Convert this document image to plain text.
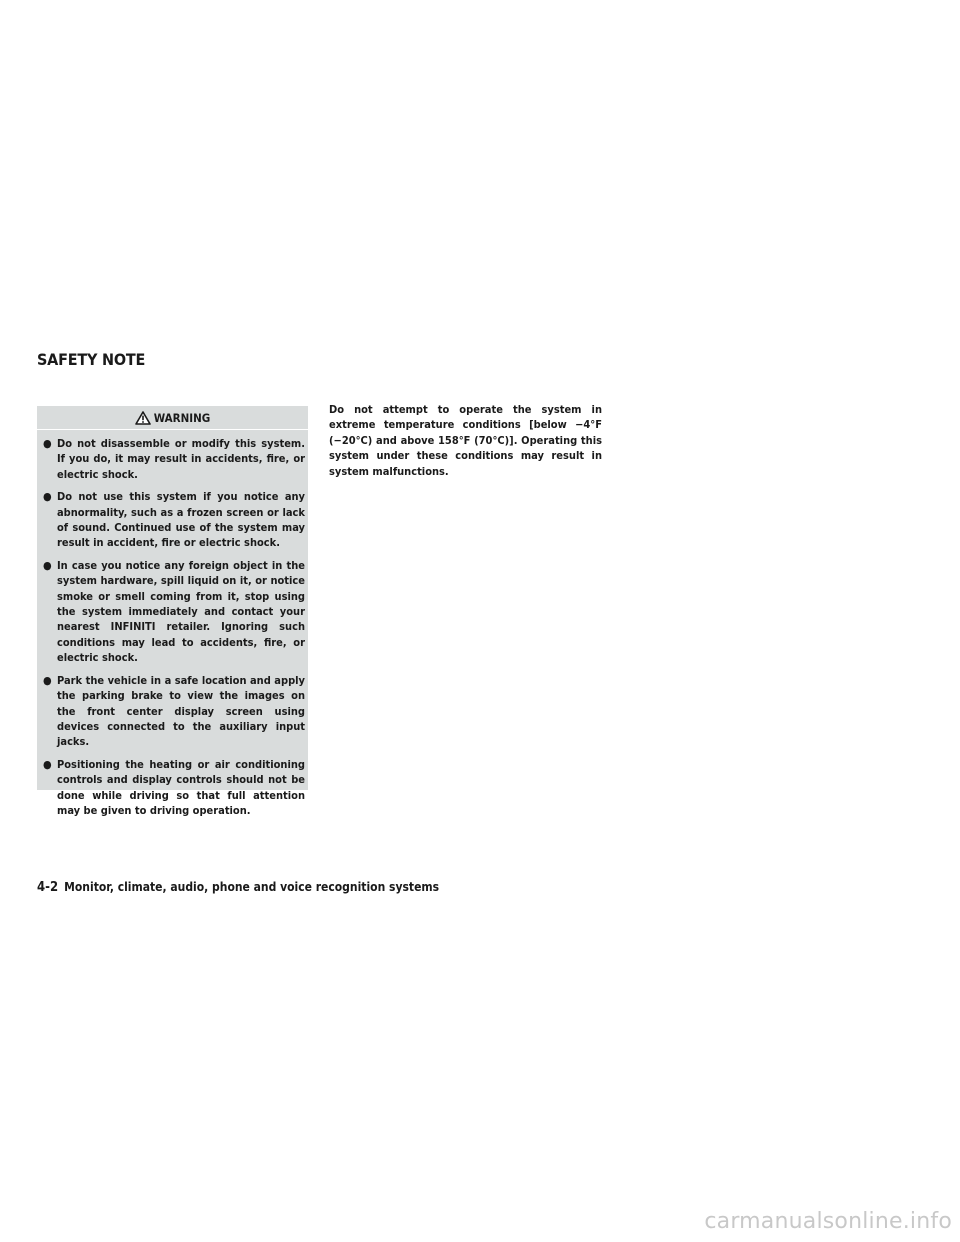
SAFETY NOTE
WARNING
● Do not disassemble or modify this system. If you do, it may result in accidents, fire, or electric shock.
● Do not use this system if you notice any abnormality, such as a frozen screen or lack of sound. Continued use of the system may result in accident, fire or electric shock.
● In case you notice any foreign object in the system hardware, spill liquid on it, or notice smoke or smell coming from it, stop using the system immediately and contact your nearest INFINITI retailer. Ignoring such conditions may lead to accidents, fire, or electric shock.
● Park the vehicle in a safe location and apply the parking brake to view the images on the front center display screen using devices connected to the auxiliary input jacks.
● Positioning the heating or air conditioning controls and display controls should not be done while driving so that full attention may be given to driving operation.

Do not attempt to operate the system in extreme temperature conditions [below −4°F (−20°C) and above 158°F (70°C)]. Operating this system under these conditions may result in system malfunctions.

4-2 Monitor, climate, audio, phone and voice recognition systems
carmanualsonline.info
